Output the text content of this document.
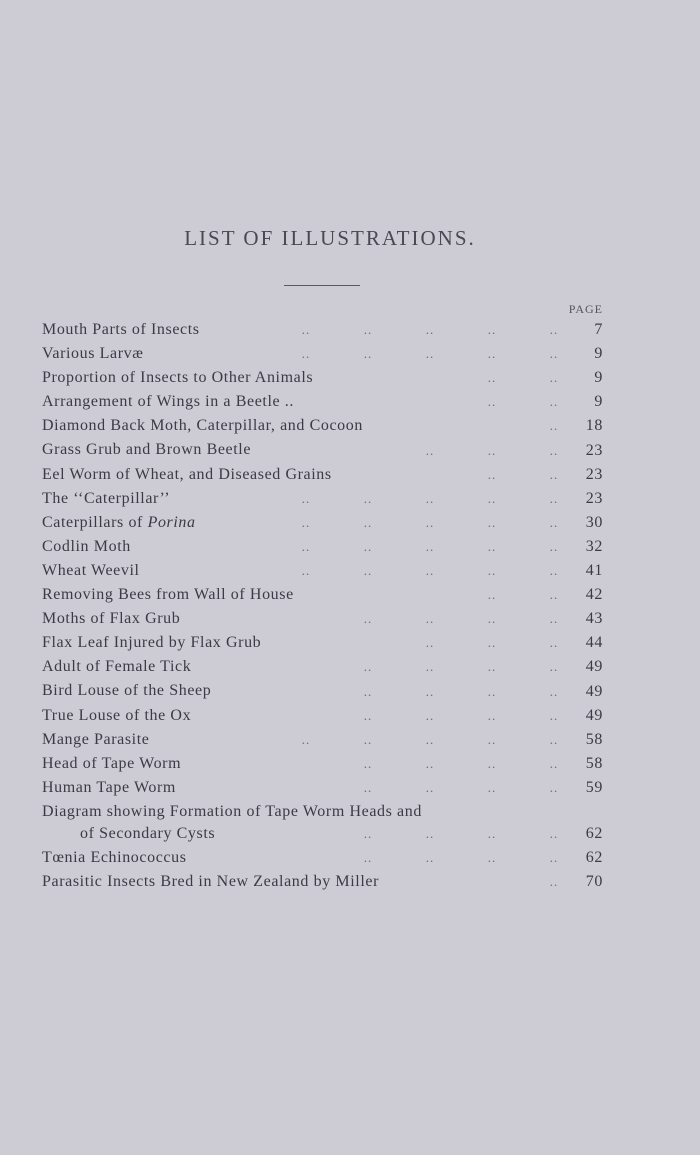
LIST OF ILLUSTRATIONS.
PAGE
Mouth Parts of Insects	..	..	..	..	..	7
Various Larvæ	..	..	..	..	..	9
Proportion of Insects to Other Animals	..	..	9
Arrangement of Wings in a Beetle ..	..	..	9
Diamond Back Moth, Caterpillar, and Cocoon	..	18
Grass Grub and Brown Beetle	..	..	..	23
Eel Worm of Wheat, and Diseased Grains	..	..	23
The ‘‘Caterpillar’’	..	..	..	..	..	23
Caterpillars of Porina	..	..	..	..	..	30
Codlin Moth	..	..	..	..	..	32
Wheat Weevil	..	..	..	..	..	41
Removing Bees from Wall of House	..	..	42
Moths of Flax Grub	..	..	..	..	43
Flax Leaf Injured by Flax Grub	..	..	..	44
Adult of Female Tick	..	..	..	..	49
Bird Louse of the Sheep	..	..	..	..	49
True Louse of the Ox	..	..	..	..	49
Mange Parasite	..	..	..	..	..	58
Head of Tape Worm	..	..	..	..	58
Human Tape Worm	..	..	..	..	59
Diagram showing Formation of Tape Worm Heads and
of Secondary Cysts	..	..	..	..	62
Tœnia Echinococcus	..	..	..	..	62
Parasitic Insects Bred in New Zealand by Miller	..	70
